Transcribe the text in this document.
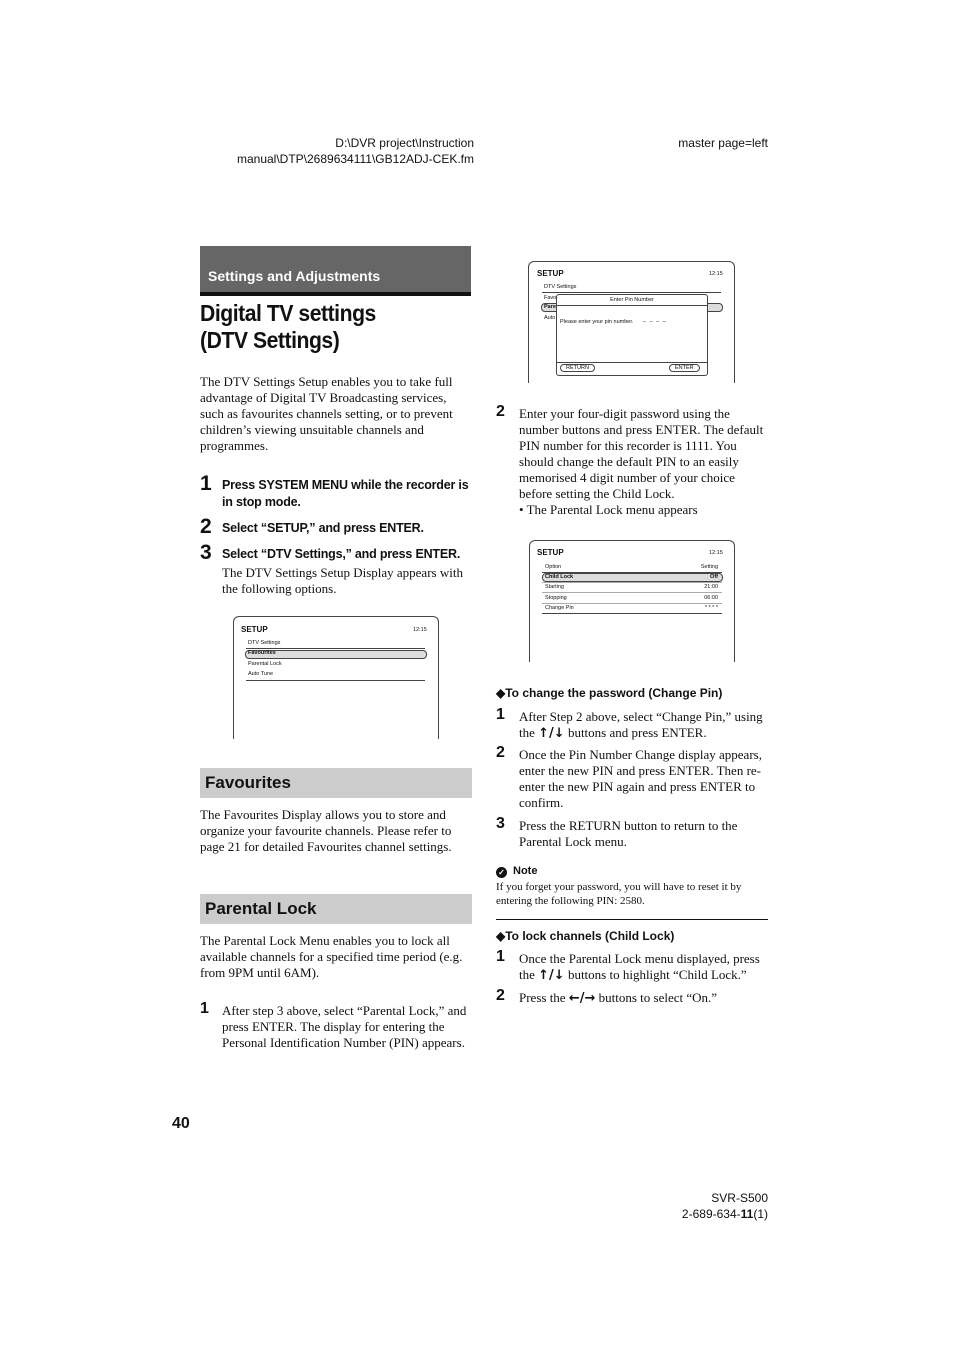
D:\DVR project\Instruction
manual\DTP\2689634111\GB12ADJ-CEK.fm
master page=left
Settings and Adjustments
Digital TV settings
(DTV Settings)
The DTV Settings Setup enables you to take full advantage of Digital TV Broadcasting services, such as favourites channels setting, or to prevent children’s viewing unsuitable channels and programmes.
1 Press SYSTEM MENU while the recorder is in stop mode.
2 Select “SETUP,” and press ENTER.
3 Select “DTV Settings,” and press ENTER.
The DTV Settings Setup Display appears with the following options.
SETUP	12:15
DTV Settings
Favourites
Parental Lock
Auto Tune
Favourites
The Favourites Display allows you to store and organize your favourite channels. Please refer to page 21 for detailed Favourites channel settings.
Parental Lock
The Parental Lock Menu enables you to lock all available channels for a specified time period (e.g. from 9PM until 6AM).
1 After step 3 above, select “Parental Lock,” and press ENTER. The display for entering the Personal Identification Number (PIN) appears.
40
SETUP	12:15
DTV Settings
Favo
Pare
Auto
Enter Pin Number
Please enter your pin number. _ _ _ _
RETURN	ENTER
2 Enter your four-digit password using the number buttons and press ENTER. The default PIN number for this recorder is 1111. You should change the default PIN to an easily memorised 4 digit number of your choice before setting the Child Lock.
• The Parental Lock menu appears
SETUP	12:15
Option	Setting
Child Lock	Off
Starting	21:00
Stopping	06:00
Change Pin	* * * *
◆To change the password (Change Pin)
1 After Step 2 above, select “Change Pin,” using the ↑/↓ buttons and press ENTER.
2 Once the Pin Number Change display appears, enter the new PIN and press ENTER. Then re-enter the new PIN again and press ENTER to confirm.
3 Press the RETURN button to return to the Parental Lock menu.
✓ Note
If you forget your password, you will have to reset it by entering the following PIN: 2580.
◆To lock channels (Child Lock)
1 Once the Parental Lock menu displayed, press the ↑/↓ buttons to highlight “Child Lock.”
2 Press the ←/→ buttons to select “On.”
SVR-S500
2-689-634-11(1)
